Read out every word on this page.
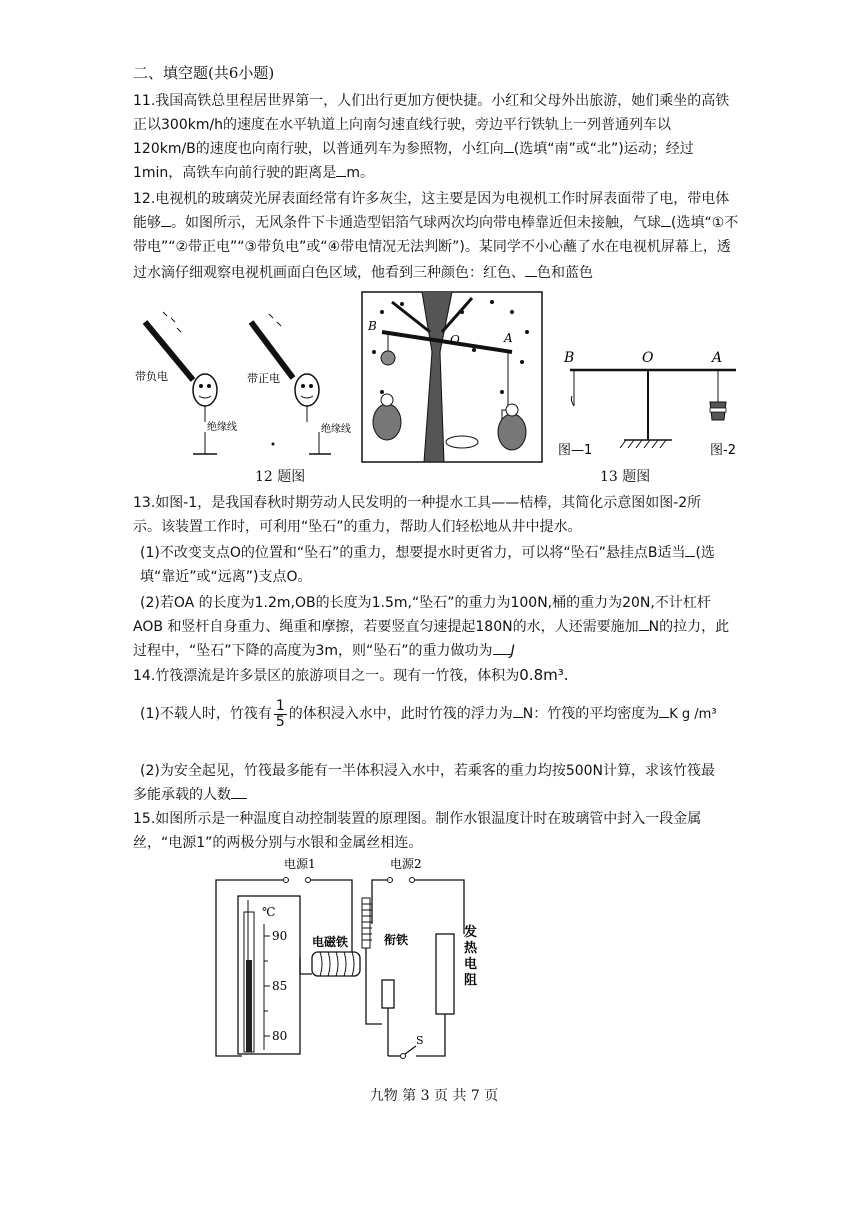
二、填空题(共6小题)
11.我国高铁总里程居世界第一，人们出行更加方便快捷。小红和父母外出旅游，她们乘坐的高铁
正以300km/h的速度在水平轨道上向南匀速直线行驶，旁边平行铁轨上一列普通列车以
120km/B的速度也向南行驶，以普通列车为参照物，小红向 (选填“南”或“北”)运动；经过
1min，高铁车向前行驶的距离是 m。
12.电视机的玻璃荧光屏表面经常有许多灰尘，这主要是因为电视机工作时屏表面带了电，带电体
能够 。如图所示，无风条件下卡通造型铝箔气球两次均向带电棒靠近但未接触，气球 (选填“①不
带电”“②带正电”“③带负电”或“④带电情况无法判断”)。某同学不小心蘸了水在电视机屏幕上，透
过水滴仔细观察电视机画面白色区域，他看到三种颜色：红色、 色和蓝色
带负电
绝缘线
带正电
绝缘线
12 题图
B
O	A
B	O	A
图—1	图-2
13 题图
13.如图-1，是我国春秋时期劳动人民发明的一种提水工具——桔棒，其简化示意图如图-2所
示。该装置工作时，可利用“坠石”的重力，帮助人们轻松地从井中提水。
(1)不改变支点O的位置和“坠石”的重力，想要提水时更省力，可以将“坠石”悬挂点B适当 (选
填“靠近”或“远离”)支点O。
(2)若OA 的长度为1.2m,OB的长度为1.5m,“坠石”的重力为100N,桶的重力为20N,不计杠杆
AOB 和竖杆自身重力、绳重和摩擦，若要竖直匀速提起180N的水，人还需要施加 N的拉力，此
过程中，“坠石”下降的高度为3m，则“坠石”的重力做功为 J
14.竹筏漂流是许多景区的旅游项目之一。现有一竹筏，体积为0.8m³.
(1)不载人时，竹筏有 $\frac{1}{5}$ 的体积浸入水中，此时竹筏的浮力为 N：竹筏的平均密度为 K g /m³
(2)为安全起见，竹筏最多能有一半体积浸入水中，若乘客的重力均按500N计算，求该竹筏最
多能承载的人数
15.如图所示是一种温度自动控制装置的原理图。制作水银温度计时在玻璃管中封入一段金属
丝，“电源1”的两极分别与水银和金属丝相连。
电源1
℃
90
85
80
电磁铁
电源2
发
热
电
阻
衔铁
S
九物 第 3 页 共 7 页
